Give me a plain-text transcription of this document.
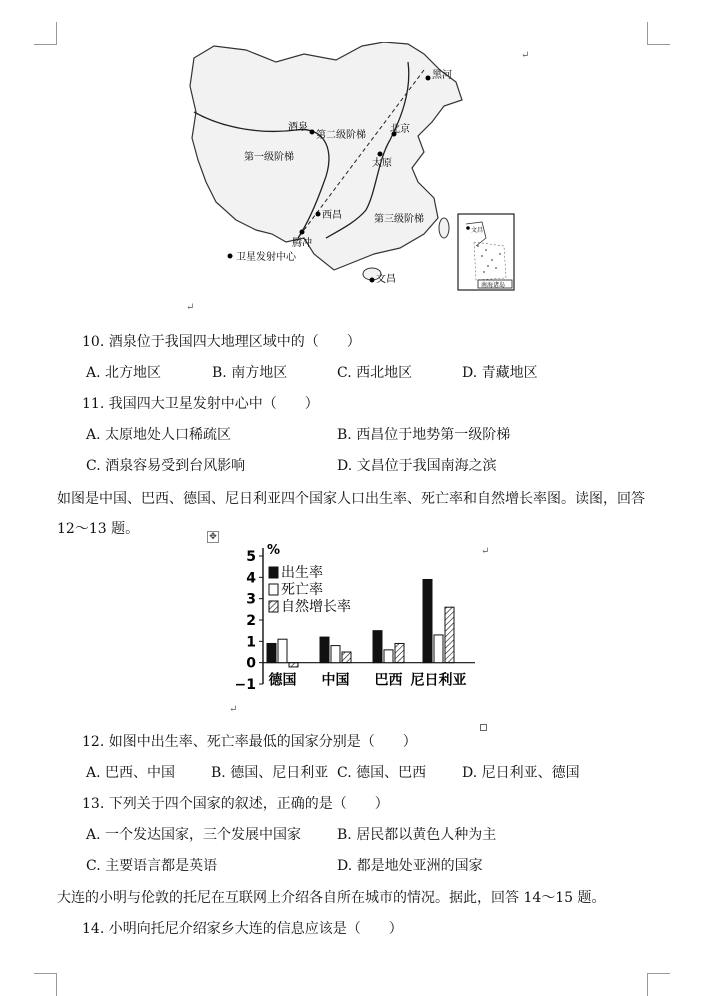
↵
↵
↵
↵
黑河
酒泉
第二级阶梯
北京
太原
第一级阶梯
西昌	第三级阶梯
腾冲
卫星发射中心
文昌
文昌
南海诸岛
10. 酒泉位于我国四大地理区域中的（　　）
A. 北方地区	B. 南方地区	C. 西北地区	D. 青藏地区
11. 我国四大卫星发射中心中（　　）
A. 太原地处人口稀疏区	B. 西昌位于地势第一级阶梯
C. 酒泉容易受到台风影响	D. 文昌位于我国南海之滨
如图是中国、巴西、德国、尼日利亚四个国家人口出生率、死亡率和自然增长率图。读图，回答
12～13 题。	✥
%
5
4
3
2
1
0
−1
出生率
死亡率
自然增长率
德国 中国 巴西 尼日利亚
12. 如图中出生率、死亡率最低的国家分别是（　　）
A. 巴西、中国	B. 德国、尼日利亚 C. 德国、巴西	D. 尼日利亚、德国
13. 下列关于四个国家的叙述，正确的是（　　）
A. 一个发达国家，三个发展中国家	B. 居民都以黄色人种为主
C. 主要语言都是英语	D. 都是地处亚洲的国家
大连的小明与伦敦的托尼在互联网上介绍各自所在城市的情况。据此，回答 14～15 题。
14. 小明向托尼介绍家乡大连的信息应该是（　　）
